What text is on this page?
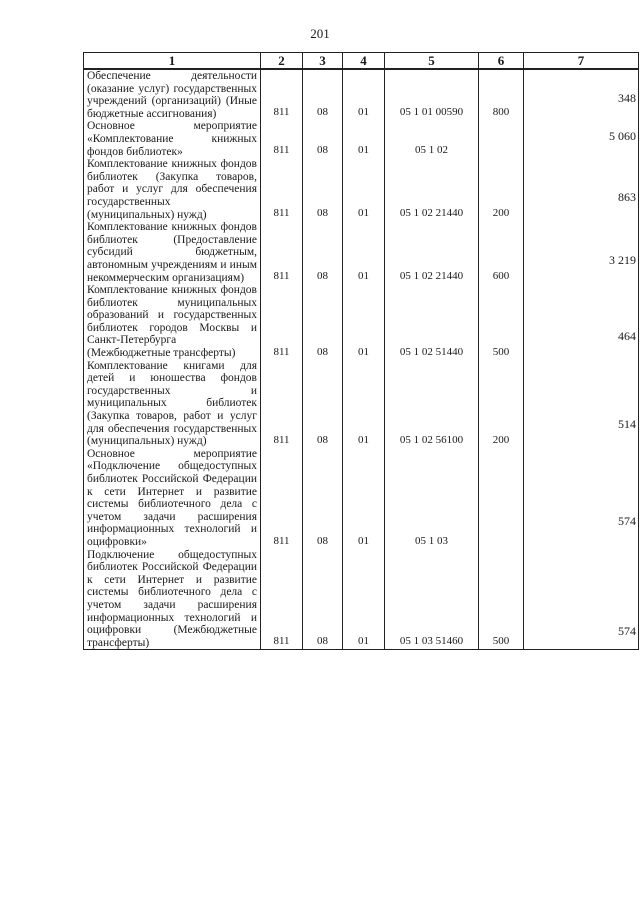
201
1	2	3	4	5	6	7
Обеспечение деятельности (оказание услуг) государственных учреждений (организаций) (Иные бюджетные ассигнования)	811	08	01	05 1 01 00590	800	348

Основное мероприятие «Комплектование книжных фондов библиотек»	811	08	01	05 1 02		5 060

Комплектование книжных фондов библиотек (Закупка товаров, работ и услуг для обеспечения государственных (муниципальных) нужд)	811	08	01	05 1 02 21440	200	863

Комплектование книжных фондов библиотек (Предоставление субсидий бюджетным, автономным учреждениям и иным некоммерческим организациям)	811	08	01	05 1 02 21440	600	3 219

Комплектование книжных фондов библиотек муниципальных образований и государственных библиотек городов Москвы и Санкт-Петербурга (Межбюджетные трансферты)	811	08	01	05 1 02 51440	500	464

Комплектование книгами для детей и юношества фондов государственных и муниципальных библиотек (Закупка товаров, работ и услуг для обеспечения государственных (муниципальных) нужд)	811	08	01	05 1 02 56100	200	514

Основное мероприятие «Подключение общедоступных библиотек Российской Федерации к сети Интернет и развитие системы библиотечного дела с учетом задачи расширения информационных технологий и оцифровки»	811	08	01	05 1 03		574

Подключение общедоступных библиотек Российской Федерации к сети Интернет и развитие системы библиотечного дела с учетом задачи расширения информационных технологий и оцифровки (Межбюджетные трансферты)	811	08	01	05 1 03 51460	500	574
